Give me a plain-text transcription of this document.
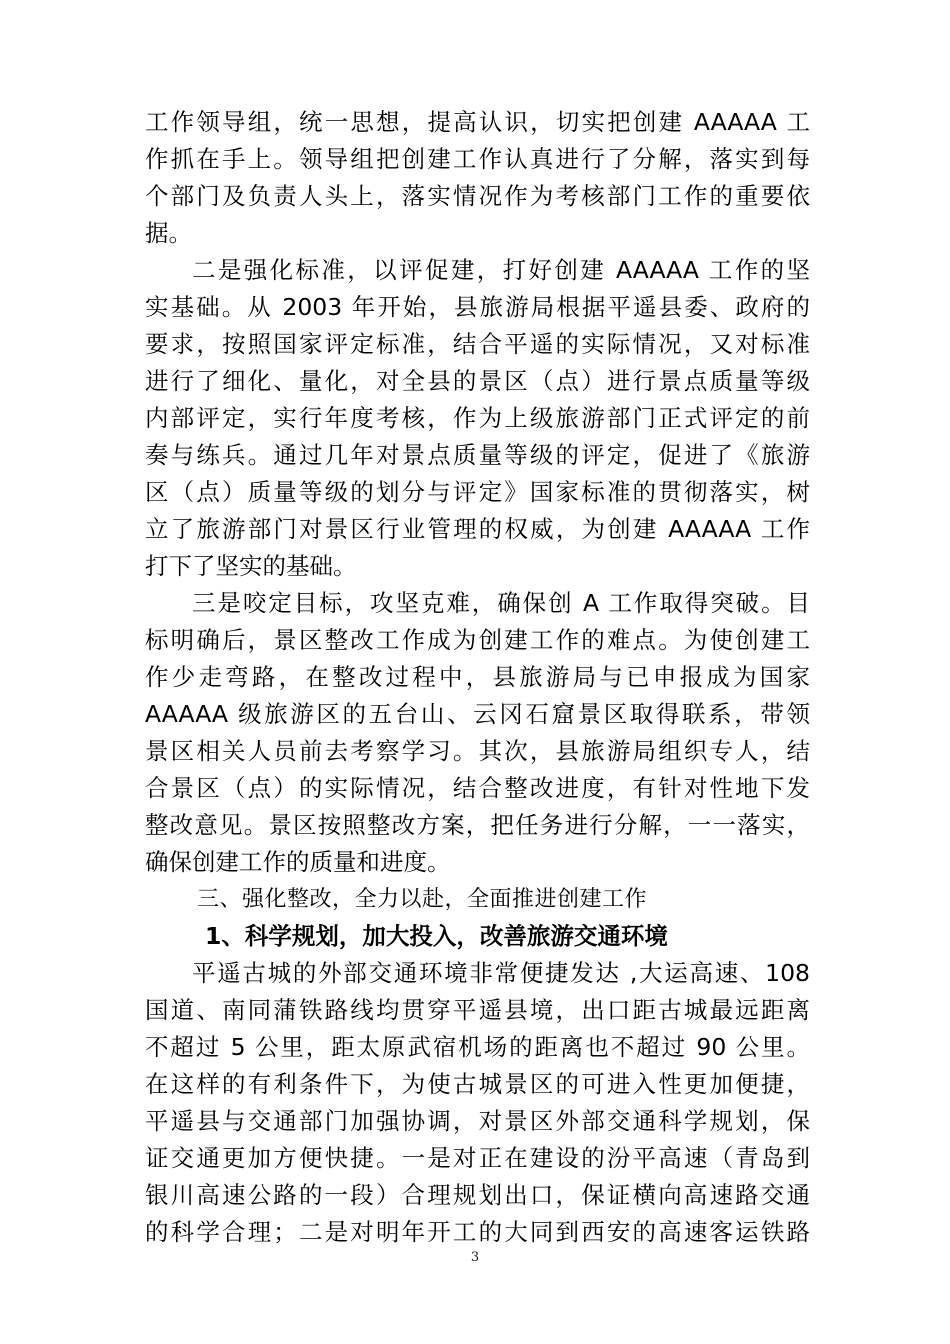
工作领导组，统一思想，提高认识，切实把创建 AAAAA 工
作抓在手上。领导组把创建工作认真进行了分解，落实到每
个部门及负责人头上，落实情况作为考核部门工作的重要依
据。
二是强化标准，以评促建，打好创建 AAAAA 工作的坚
实基础。从 2003 年开始，县旅游局根据平遥县委、政府的
要求，按照国家评定标准，结合平遥的实际情况，又对标准
进行了细化、量化，对全县的景区（点）进行景点质量等级
内部评定，实行年度考核，作为上级旅游部门正式评定的前
奏与练兵。通过几年对景点质量等级的评定，促进了《旅游
区（点）质量等级的划分与评定》国家标准的贯彻落实，树
立了旅游部门对景区行业管理的权威，为创建 AAAAA 工作
打下了坚实的基础。
三是咬定目标，攻坚克难，确保创 A 工作取得突破。目
标明确后，景区整改工作成为创建工作的难点。为使创建工
作少走弯路，在整改过程中，县旅游局与已申报成为国家
AAAAA 级旅游区的五台山、云冈石窟景区取得联系，带领
景区相关人员前去考察学习。其次，县旅游局组织专人，结
合景区（点）的实际情况，结合整改进度，有针对性地下发
整改意见。景区按照整改方案，把任务进行分解，一一落实，
确保创建工作的质量和进度。
三、强化整改，全力以赴，全面推进创建工作
1、科学规划，加大投入，改善旅游交通环境
平遥古城的外部交通环境非常便捷发达 ,大运高速、108
国道、南同蒲铁路线均贯穿平遥县境，出口距古城最远距离
不超过 5 公里，距太原武宿机场的距离也不超过 90 公里。
在这样的有利条件下，为使古城景区的可进入性更加便捷，
平遥县与交通部门加强协调，对景区外部交通科学规划，保
证交通更加方便快捷。一是对正在建设的汾平高速（青岛到
银川高速公路的一段）合理规划出口，保证横向高速路交通
的科学合理；二是对明年开工的大同到西安的高速客运铁路
3
